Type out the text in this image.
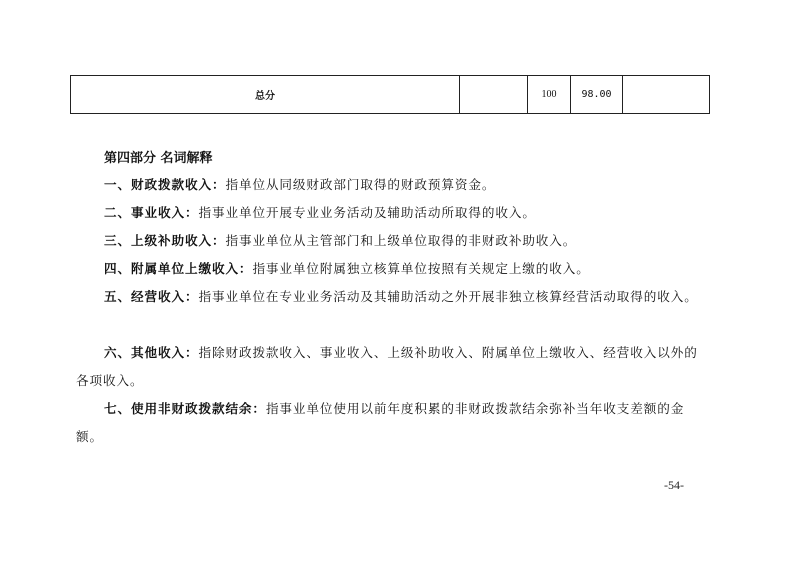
总分		100	98.00	
第四部分 名词解释

一、财政拨款收入：指单位从同级财政部门取得的财政预算资金。

二、事业收入：指事业单位开展专业业务活动及辅助活动所取得的收入。

三、上级补助收入：指事业单位从主管部门和上级单位取得的非财政补助收入。

四、附属单位上缴收入：指事业单位附属独立核算单位按照有关规定上缴的收入。

五、经营收入：指事业单位在专业业务活动及其辅助活动之外开展非独立核算经营活动取得的收入。

六、其他收入：指除财政拨款收入、事业收入、上级补助收入、附属单位上缴收入、经营收入以外的各项收入。

七、使用非财政拨款结余：指事业单位使用以前年度积累的非财政拨款结余弥补当年收支差额的金额。

-54-
